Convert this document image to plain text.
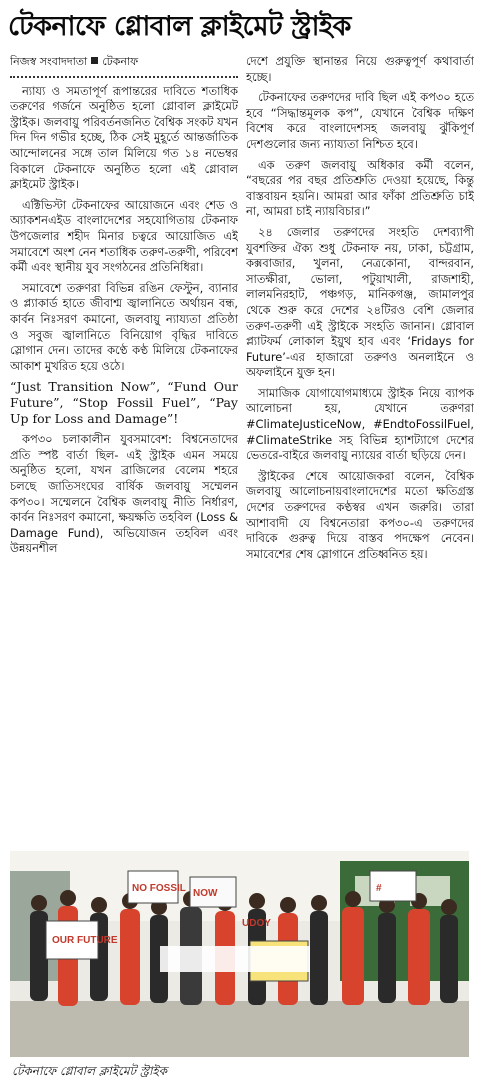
টেকনাফে গ্লোবাল ক্লাইমেট স্ট্রাইক
নিজস্ব সংবাদদাতা টেকনাফ

ন্যায্য ও সমতাপূর্ণ রূপান্তরের দাবিতে শতাধিক তরুণের গর্জনে অনুষ্ঠিত হলো গ্লোবাল ক্লাইমেট স্ট্রাইক। জলবায়ু পরিবর্তনজনিত বৈশ্বিক সংকট যখন দিন দিন গভীর হচ্ছে, ঠিক সেই মুহূর্তে আন্তর্জাতিক আন্দোলনের সঙ্গে তাল মিলিয়ে গত ১৪ নভেম্বর বিকালে টেকনাফে অনুষ্ঠিত হলো এই গ্লোবাল ক্লাইমেট স্ট্রাইক।

এক্টিভিস্টা টেকনাফের আয়োজনে এবং শেড ও অ্যাকশনএইড বাংলাদেশের সহযোগিতায় টেকনাফ উপজেলার শহীদ মিনার চত্বরে আয়োজিত এই সমাবেশে অংশ নেন শতাধিক তরুণ-তরুণী, পরিবেশ কর্মী এবং স্থানীয় যুব সংগঠনের প্রতিনিধিরা।

সমাবেশে তরুণরা বিভিন্ন রঙিন ফেস্টুন, ব্যানার ও প্ল্যাকার্ড হাতে জীবাশ্ম জ্বালানিতে অর্থায়ন বন্ধ, কার্বন নিঃসরণ কমানো, জলবায়ু ন্যায্যতা প্রতিষ্ঠা ও সবুজ জ্বালানিতে বিনিয়োগ বৃদ্ধির দাবিতে স্লোগান দেন। তাদের কণ্ঠে কণ্ঠ মিলিয়ে টেকনাফের আকাশ মুখরিত হয়ে ওঠে।

“Just Transition Now”, “Fund Our Future”, “Stop Fossil Fuel”, “Pay Up for Loss and Damage”!

কপ৩০ চলাকালীন যুবসমাবেশ: বিশ্বনেতাদের প্রতি স্পষ্ট বার্তা ছিল- এই স্ট্রাইক এমন সময়ে অনুষ্ঠিত হলো, যখন ব্রাজিলের বেলেম শহরে চলছে জাতিসংঘের বার্ষিক জলবায়ু সম্মেলন কপ৩০। সম্মেলনে বৈশ্বিক জলবায়ু নীতি নির্ধারণ, কার্বন নিঃসরণ কমানো, ক্ষয়ক্ষতি তহবিল (Loss & Damage Fund), অভিযোজন তহবিল এবং উন্নয়নশীল

দেশে প্রযুক্তি স্থানান্তর নিয়ে গুরুত্বপূর্ণ কথাবার্তা হচ্ছে।

টেকনাফের তরুণদের দাবি ছিল এই কপ৩০ হতে হবে “সিদ্ধান্তমূলক কপ”, যেখানে বৈশ্বিক দক্ষিণ বিশেষ করে বাংলাদেশসহ জলবায়ু ঝুঁকিপূর্ণ দেশগুলোর জন্য ন্যায্যতা নিশ্চিত হবে।

এক তরুণ জলবায়ু অধিকার কর্মী বলেন, “বছরের পর বছর প্রতিশ্রুতি দেওয়া হয়েছে, কিন্তু বাস্তবায়ন হয়নি। আমরা আর ফাঁকা প্রতিশ্রুতি চাই না, আমরা চাই ন্যায়বিচার।”

২৪ জেলার তরুণদের সংহতি দেশব্যাপী যুবশক্তির ঐক্য শুধু টেকনাফ নয়, ঢাকা, চট্টগ্রাম, কক্সবাজার, খুলনা, নেত্রকোনা, বান্দরবান, সাতক্ষীরা, ভোলা, পটুয়াখালী, রাজশাহী, লালমনিরহাট, পঞ্চগড়, মানিকগঞ্জ, জামালপুর থেকে শুরু করে দেশের ২৪টিরও বেশি জেলার তরুণ-তরুণী এই স্ট্রাইকে সংহতি জানান। গ্লোবাল প্ল্যাটফর্ম লোকাল ইয়ুথ হাব এবং ‘Fridays for Future’-এর হাজারো তরুণও অনলাইনে ও অফলাইনে যুক্ত হন।

সামাজিক যোগাযোগমাধ্যমে স্ট্রাইক নিয়ে ব্যাপক আলোচনা হয়, যেখানে তরুণরা #ClimateJusticeNow, #EndtoFossilFuel, #ClimateStrike সহ বিভিন্ন হ্যাশট্যাগে দেশের ভেতরে-বাইরে জলবায়ু ন্যায়ের বার্তা ছড়িয়ে দেন।

স্ট্রাইকের শেষে আয়োজকরা বলেন, বৈশ্বিক জলবায়ু আলোচনায়বাংলাদেশের মতো ক্ষতিগ্রস্ত দেশের তরুণদের কণ্ঠস্বর এখন জরুরি। তারা আশাবাদী যে বিশ্বনেতারা কপ৩০-এ তরুণদের দাবিকে গুরুত্ব দিয়ে বাস্তব পদক্ষেপ নেবেন। সমাবেশের শেষ স্লোগানে প্রতিধ্বনিত হয়।

NOW
UDOY
NO FOSSIL
OUR FUTURE
#
টেকনাফে গ্লোবাল ক্লাইমেট স্ট্রাইক
